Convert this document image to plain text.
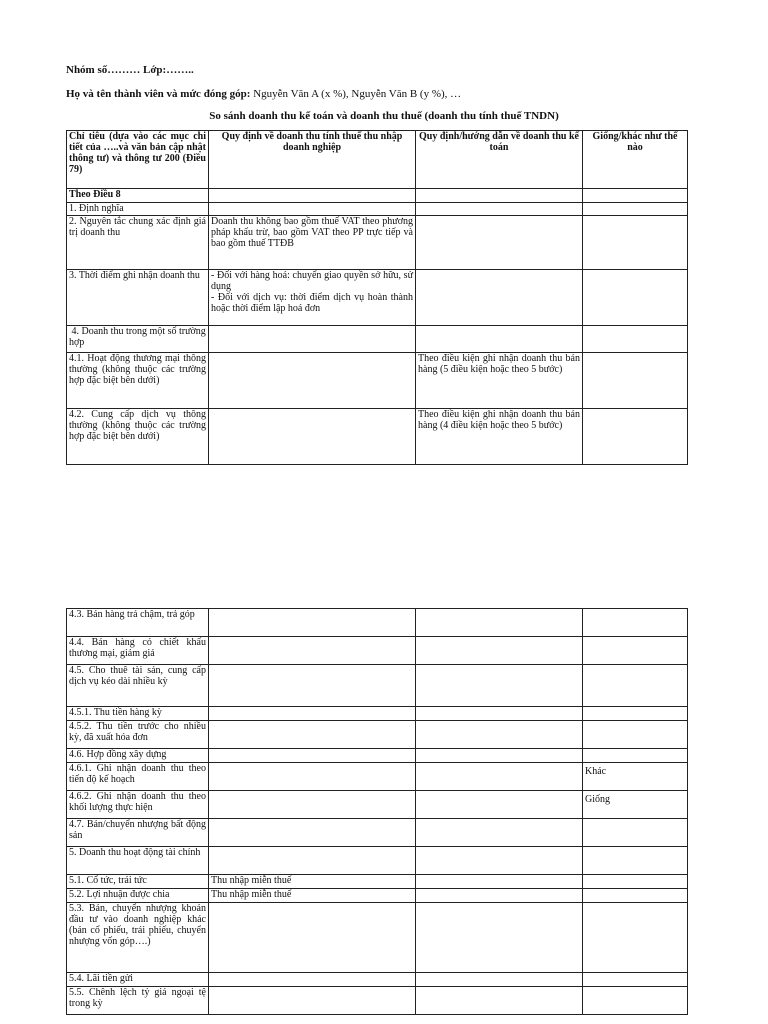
Nhóm số……… Lớp:……..
Họ và tên thành viên và mức đóng góp: Nguyễn Văn A (x %), Nguyễn Văn B (y %), …
So sánh doanh thu kế toán và doanh thu thuế (doanh thu tính thuế TNDN)
Chỉ tiêu (dựa vào các mục chi tiết của …..và văn bản cập nhật thông tư) và thông tư 200 (Điều 79)	Quy định về doanh thu tính thuế thu nhập doanh nghiệp	Quy định/hướng dẫn về doanh thu kế toán	Giống/khác như thế nào
Theo Điều 8			
1. Định nghĩa			
2. Nguyên tắc chung xác định giá trị doanh thu	Doanh thu không bao gồm thuế VAT theo phương pháp khấu trừ, bao gồm VAT theo PP trực tiếp và bao gồm thuế TTĐB		
3. Thời điểm ghi nhận doanh thu	- Đối với hàng hoá: chuyển giao quyền sở hữu, sử dụng
- Đối với dịch vụ: thời điểm dịch vụ hoàn thành hoặc thời điểm lập hoá đơn		
4. Doanh thu trong một số trường hợp			
4.1. Hoạt động thương mại thông thường (không thuộc các trường hợp đặc biệt bên dưới)		Theo điều kiện ghi nhận doanh thu bán hàng (5 điều kiện hoặc theo 5 bước)	
4.2. Cung cấp dịch vụ thông thường (không thuộc các trường hợp đặc biệt bên dưới)		Theo điều kiện ghi nhận doanh thu bán hàng (4 điều kiện hoặc theo 5 bước)	
4.3. Bán hàng trả chậm, trả góp			
4.4. Bán hàng có chiết khấu thương mại, giảm giá			
4.5. Cho thuê tài sản, cung cấp dịch vụ kéo dài nhiều kỳ			
4.5.1. Thu tiền hàng kỳ			
4.5.2. Thu tiền trước cho nhiều kỳ, đã xuất hóa đơn			
4.6. Hợp đồng xây dựng			
4.6.1. Ghi nhận doanh thu theo tiến độ kế hoạch			Khác
4.6.2. Ghi nhận doanh thu theo khối lượng thực hiện			Giống
4.7. Bán/chuyển nhượng bất động sản			
5. Doanh thu hoạt động tài chính			
5.1. Cổ tức, trái tức	Thu nhập miễn thuế		
5.2. Lợi nhuận được chia	Thu nhập miễn thuế		
5.3. Bán, chuyển nhượng khoản đầu tư vào doanh nghiệp khác (bán cổ phiếu, trái phiếu, chuyển nhượng vốn góp….)			
5.4. Lãi tiền gửi			
5.5. Chênh lệch tỷ giá ngoại tệ trong kỳ			
